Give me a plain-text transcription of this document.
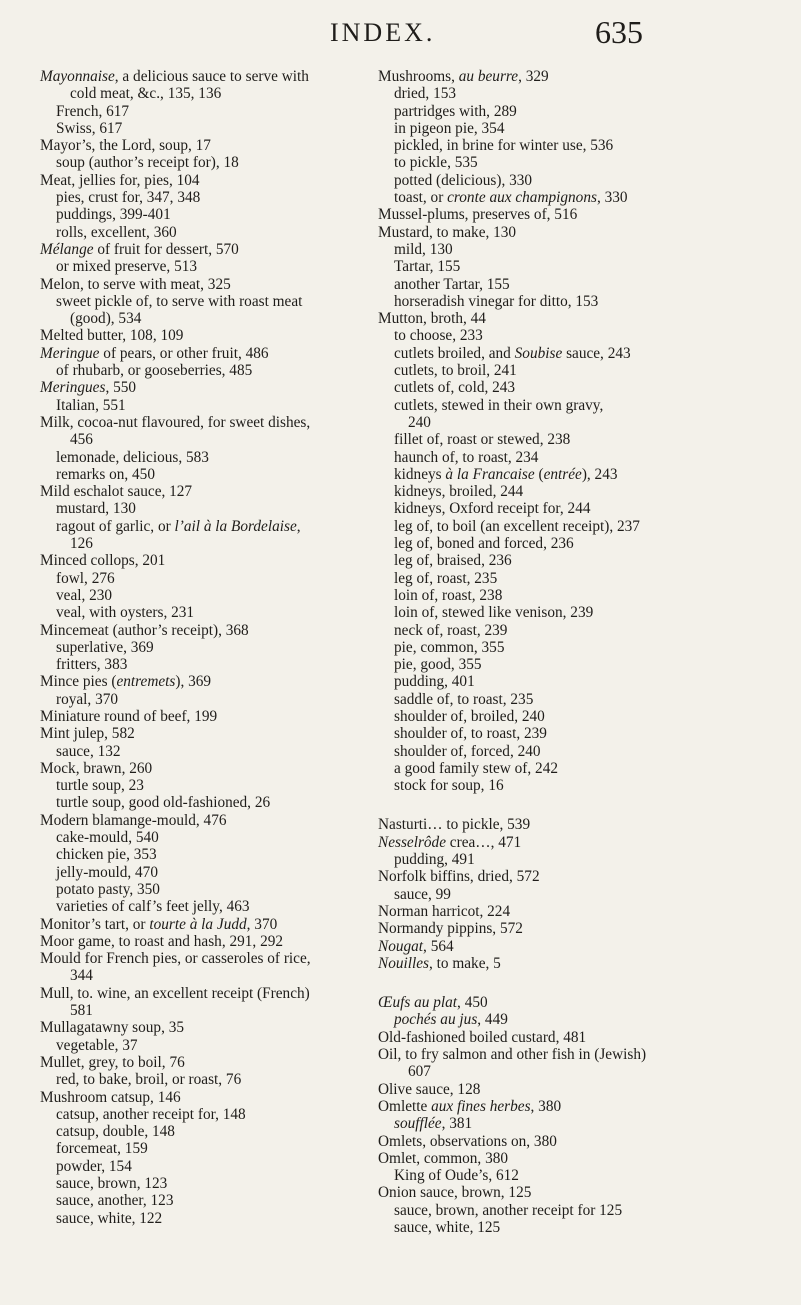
INDEX.	635
Mayonnaise, a delicious sauce to serve with
cold meat, &c., 135, 136
French, 617
Swiss, 617
Mayor’s, the Lord, soup, 17
soup (author’s receipt for), 18
Meat, jellies for, pies, 104
pies, crust for, 347, 348
puddings, 399-401
rolls, excellent, 360
Mélange of fruit for dessert, 570
or mixed preserve, 513
Melon, to serve with meat, 325
sweet pickle of, to serve with roast meat
(good), 534
Melted butter, 108, 109
Meringue of pears, or other fruit, 486
of rhubarb, or gooseberries, 485
Meringues, 550
Italian, 551
Milk, cocoa-nut flavoured, for sweet dishes,
456
lemonade, delicious, 583
remarks on, 450
Mild eschalot sauce, 127
mustard, 130
ragout of garlic, or l’ail à la Bordelaise,
126
Minced collops, 201
fowl, 276
veal, 230
veal, with oysters, 231
Mincemeat (author’s receipt), 368
superlative, 369
fritters, 383
Mince pies (entremets), 369
royal, 370
Miniature round of beef, 199
Mint julep, 582
sauce, 132
Mock, brawn, 260
turtle soup, 23
turtle soup, good old-fashioned, 26
Modern blamange-mould, 476
cake-mould, 540
chicken pie, 353
jelly-mould, 470
potato pasty, 350
varieties of calf’s feet jelly, 463
Monitor’s tart, or tourte à la Judd, 370
Moor game, to roast and hash, 291, 292
Mould for French pies, or casseroles of rice,
344
Mull, to. wine, an excellent receipt (French)
581
Mullagatawny soup, 35
vegetable, 37
Mullet, grey, to boil, 76
red, to bake, broil, or roast, 76
Mushroom catsup, 146
catsup, another receipt for, 148
catsup, double, 148
forcemeat, 159
powder, 154
sauce, brown, 123
sauce, another, 123
sauce, white, 122
Mushrooms, au beurre, 329
dried, 153
partridges with, 289
in pigeon pie, 354
pickled, in brine for winter use, 536
to pickle, 535
potted (delicious), 330
toast, or cronte aux champignons, 330
Mussel-plums, preserves of, 516
Mustard, to make, 130
mild, 130
Tartar, 155
another Tartar, 155
horseradish vinegar for ditto, 153
Mutton, broth, 44
to choose, 233
cutlets broiled, and Soubise sauce, 243
cutlets, to broil, 241
cutlets of, cold, 243
cutlets, stewed in their own gravy,
240
fillet of, roast or stewed, 238
haunch of, to roast, 234
kidneys à la Francaise (entrée), 243
kidneys, broiled, 244
kidneys, Oxford receipt for, 244
leg of, to boil (an excellent receipt), 237
leg of, boned and forced, 236
leg of, braised, 236
leg of, roast, 235
loin of, roast, 238
loin of, stewed like venison, 239
neck of, roast, 239
pie, common, 355
pie, good, 355
pudding, 401
saddle of, to roast, 235
shoulder of, broiled, 240
shoulder of, to roast, 239
shoulder of, forced, 240
a good family stew of, 242
stock for soup, 16
Nasturti… to pickle, 539
Nesselrôde crea…, 471
pudding, 491
Norfolk biffins, dried, 572
sauce, 99
Norman harricot, 224
Normandy pippins, 572
Nougat, 564
Nouilles, to make, 5
Œufs au plat, 450
pochés au jus, 449
Old-fashioned boiled custard, 481
Oil, to fry salmon and other fish in (Jewish)
607
Olive sauce, 128
Omlette aux fines herbes, 380
soufflée, 381
Omlets, observations on, 380
Omlet, common, 380
King of Oude’s, 612
Onion sauce, brown, 125
sauce, brown, another receipt for 125
sauce, white, 125
